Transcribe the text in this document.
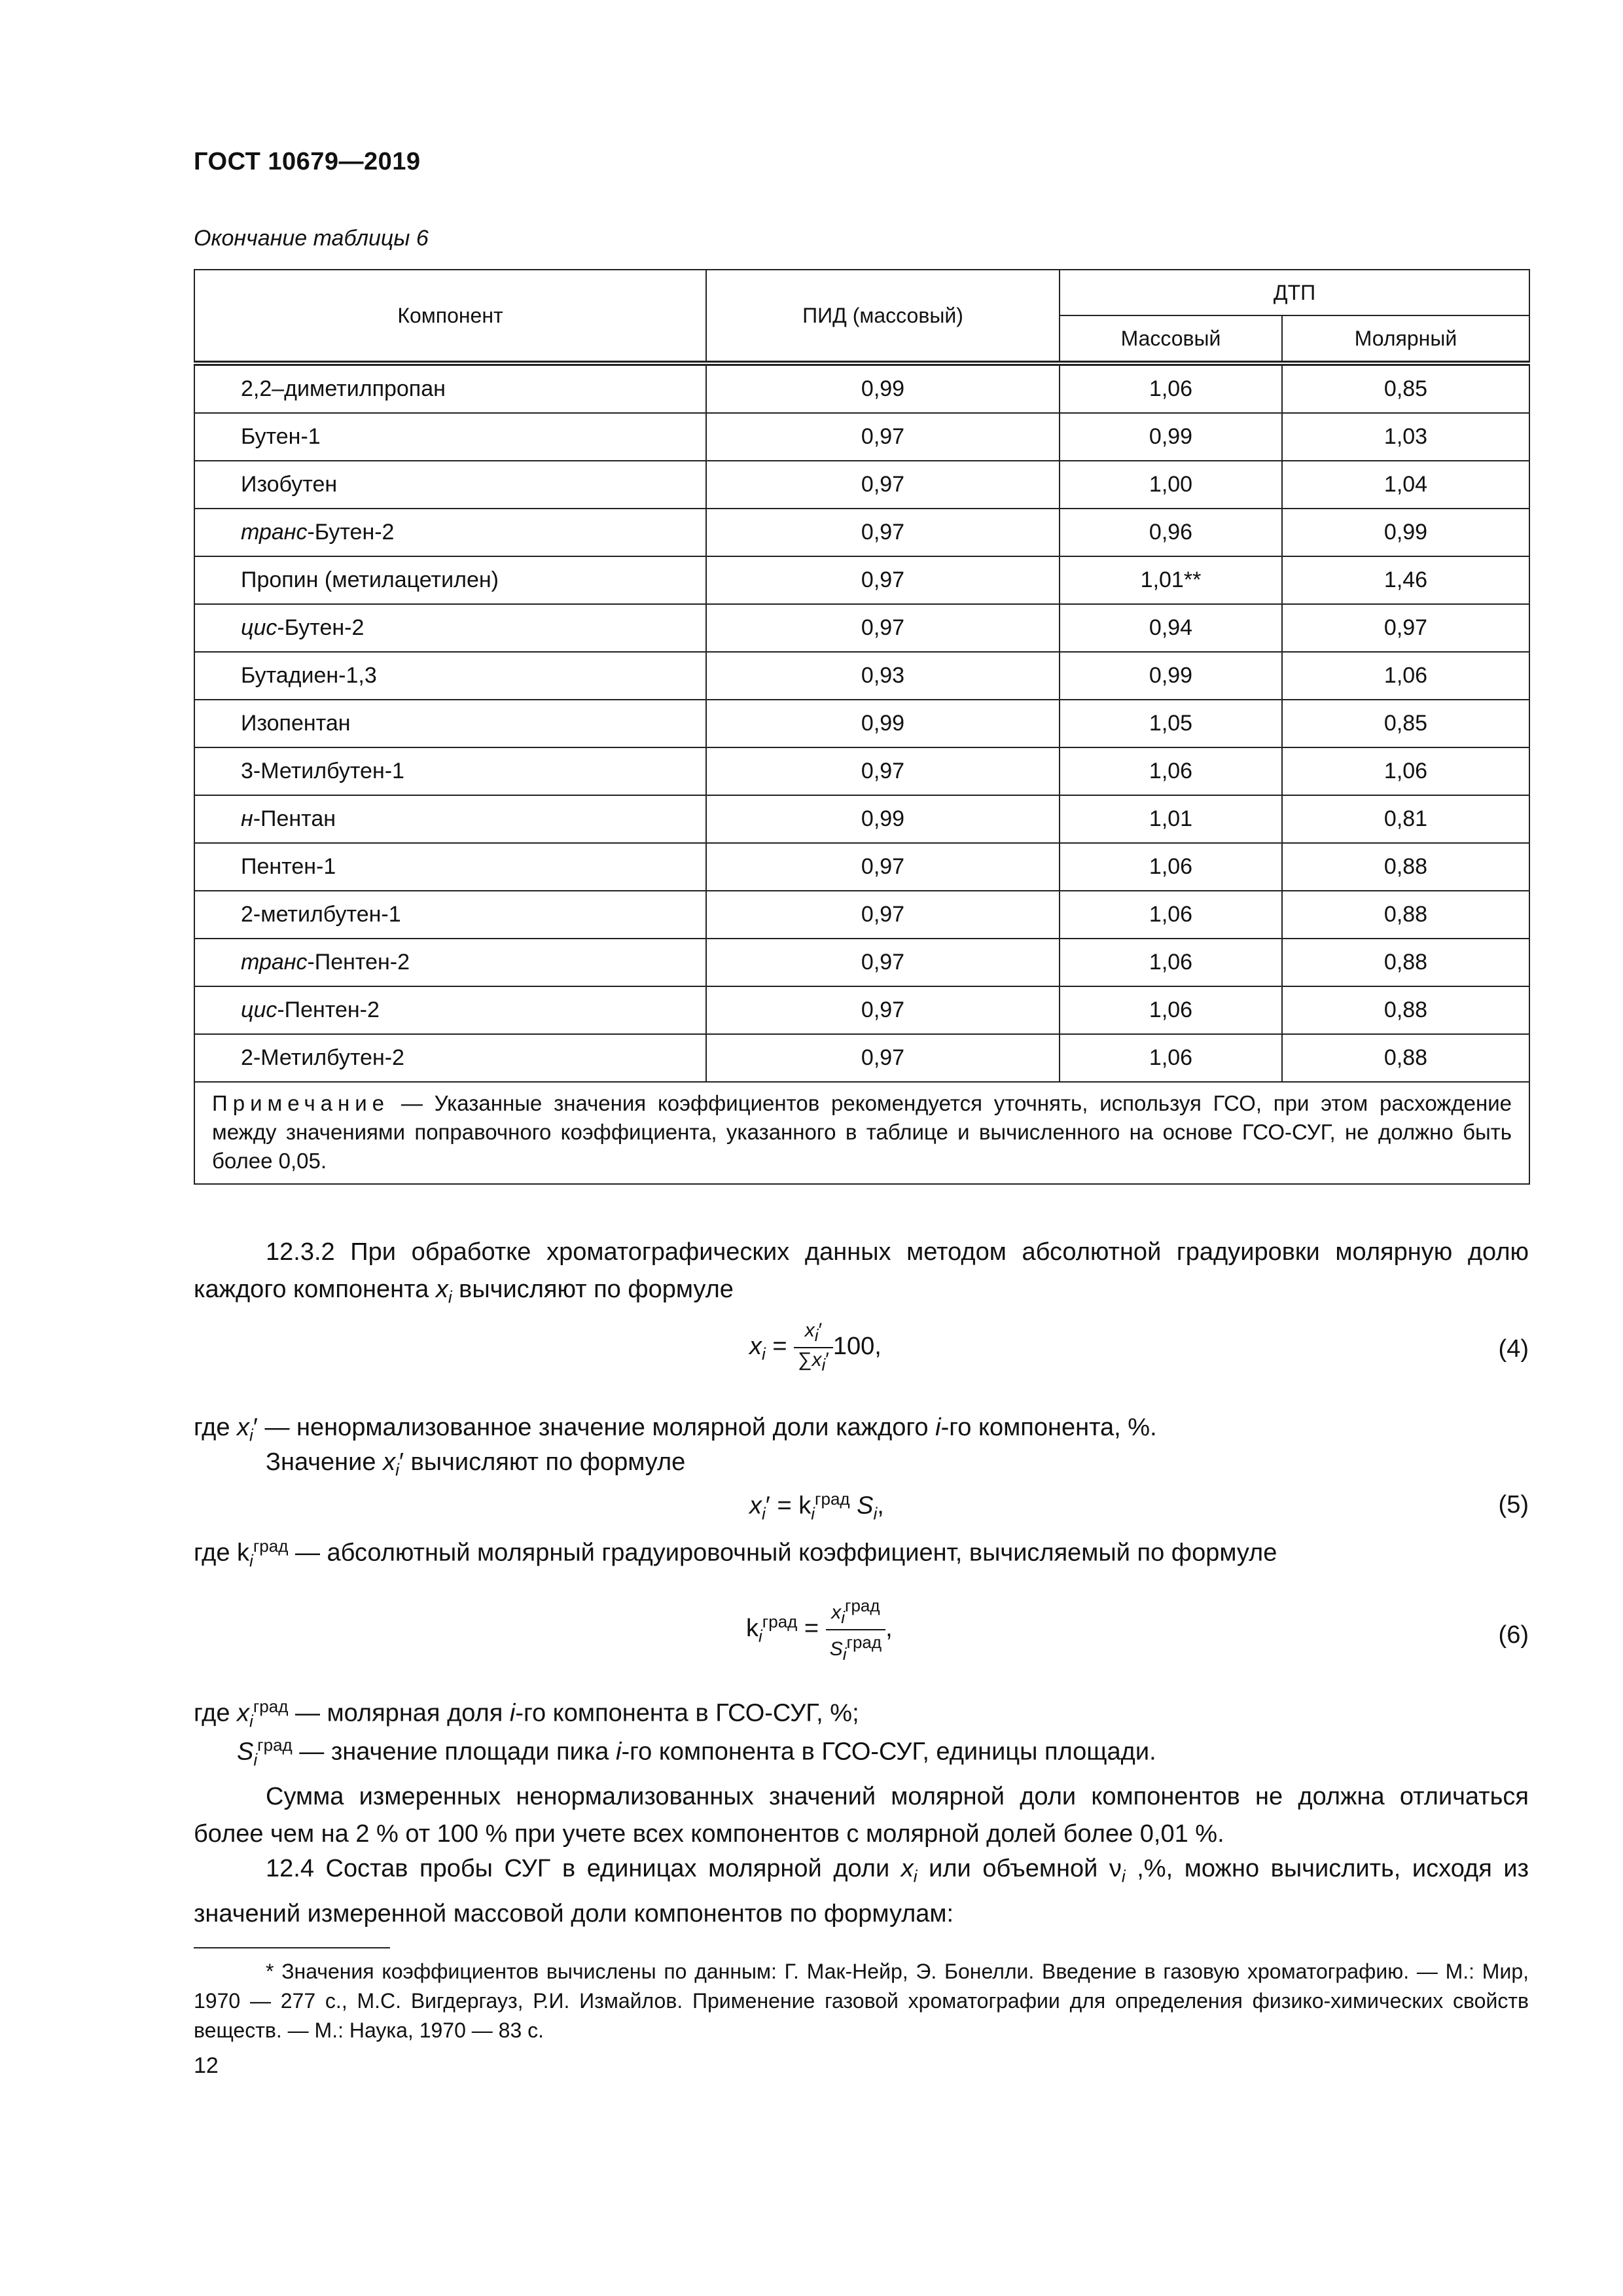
ГОСТ 10679—2019
Окончание таблицы 6
Компонент	ПИД (массовый)	ДТП	
		Массовый	Молярный
2,2–диметилпропан	0,99	1,06	0,85
Бутен-1	0,97	0,99	1,03
Изобутен	0,97	1,00	1,04
транс-Бутен-2	0,97	0,96	0,99
Пропин (метилацетилен)	0,97	1,01**	1,46
цис-Бутен-2	0,97	0,94	0,97
Бутадиен-1,3	0,93	0,99	1,06
Изопентан	0,99	1,05	0,85
3-Метилбутен-1	0,97	1,06	1,06
н-Пентан	0,99	1,01	0,81
Пентен-1	0,97	1,06	0,88
2-метилбутен-1	0,97	1,06	0,88
транс-Пентен-2	0,97	1,06	0,88
цис-Пентен-2	0,97	1,06	0,88
2-Метилбутен-2	0,97	1,06	0,88
Примечание — Указанные значения коэффициентов рекомендуется уточнять, используя ГСО, при этом расхождение между значениями поправочного коэффициента, указанного в таблице и вычисленного на основе ГСО-СУГ, не должно быть более 0,05.			
12.3.2 При обработке хроматографических данных методом абсолютной градуировки молярную долю каждого компонента $x_i$ вычисляют по формуле
$x_i = \frac{x_i'}{\sum x_i'} 100$,	(4)
где $x_i'$ — ненормализованное значение молярной доли каждого i-го компонента, %.
Значение $x_i'$ вычисляют по формуле
$x_i' = k_i^{град}$ $S_i$,	(5)
где $k_i^{град}$ — абсолютный молярный градуировочный коэффициент, вычисляемый по формуле
$k_i^{град} = \frac{x_i^{град}}{S_i^{град}}$ ,	(6)
где $x_i^{град}$ — молярная доля i-го компонента в ГСО-СУГ, %;
$S_i^{град}$ — значение площади пика i-го компонента в ГСО-СУГ, единицы площади.
Сумма измеренных ненормализованных значений молярной доли компонентов не должна отличаться более чем на 2 % от 100 % при учете всех компонентов с молярной долей более 0,01 %.
12.4 Состав пробы СУГ в единицах молярной доли $x_i$ или объемной $\nu_i$ ,%, можно вычислить, исходя из значений измеренной массовой доли компонентов по формулам:
* Значения коэффициентов вычислены по данным: Г. Мак-Нейр, Э. Бонелли. Введение в газовую хроматографию. — М.: Мир, 1970 — 277 с., М.С. Вигдергауз, Р.И. Измайлов. Применение газовой хроматографии для определения физико-химических свойств веществ. — М.: Наука, 1970 — 83 с.
12
